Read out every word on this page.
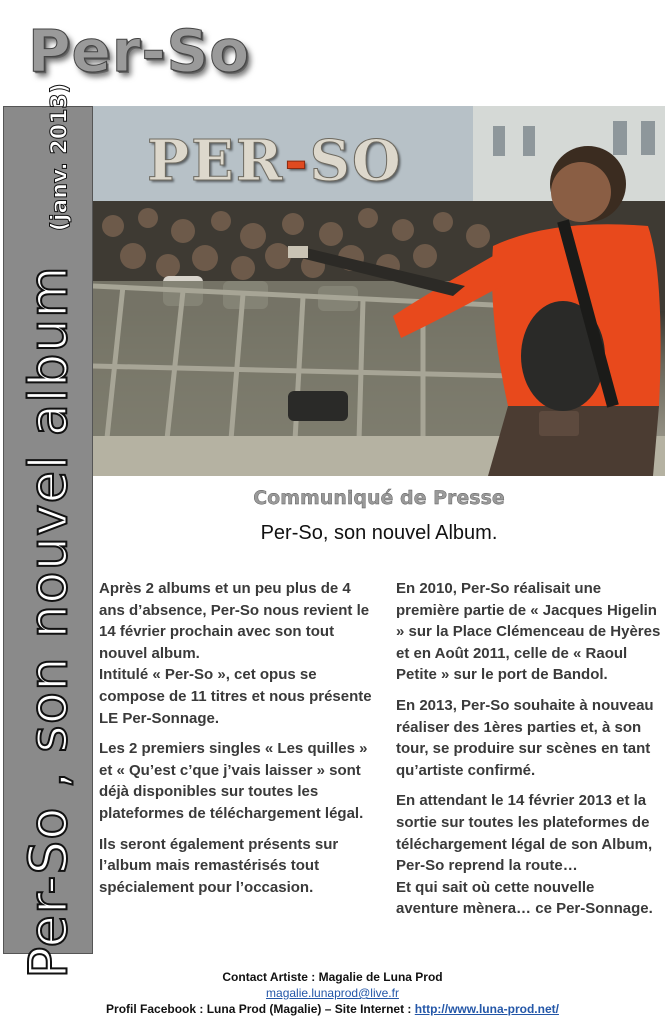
Per-So
Per-So , son nouvel album
(janv. 2013) PER-SO
Communiqué de Presse
Per-So, son nouvel Album.

Après 2 albums et un peu plus de 4 ans d’absence, Per-So nous revient le 14 février prochain avec son tout nouvel album.

Intitulé « Per-So », cet opus se compose de 11 titres et nous présente LE Per-Sonnage.

Les 2 premiers singles « Les quilles » et « Qu’est c’que j’vais laisser » sont déjà disponibles sur toutes les plateformes de téléchargement légal.

Ils seront également présents sur l’album mais remastérisés tout spécialement pour l’occasion.

En 2010, Per-So réalisait une première partie de « Jacques Higelin » sur la Place Clémenceau de Hyères et en Août 2011, celle de « Raoul Petite » sur le port de Bandol.

En 2013, Per-So souhaite à nouveau réaliser des 1ères parties et, à son tour, se produire sur scènes en tant qu’artiste confirmé.

En attendant le 14 février 2013 et la sortie sur toutes les plateformes de téléchargement légal de son Album, Per-So reprend la route…

Et qui sait où cette nouvelle aventure mènera… ce Per-Sonnage.

Contact Artiste : Magalie de Luna Prod
magalie.lunaprod@live.fr
Profil Facebook : Luna Prod (Magalie) – Site Internet : http://www.luna-prod.net/
